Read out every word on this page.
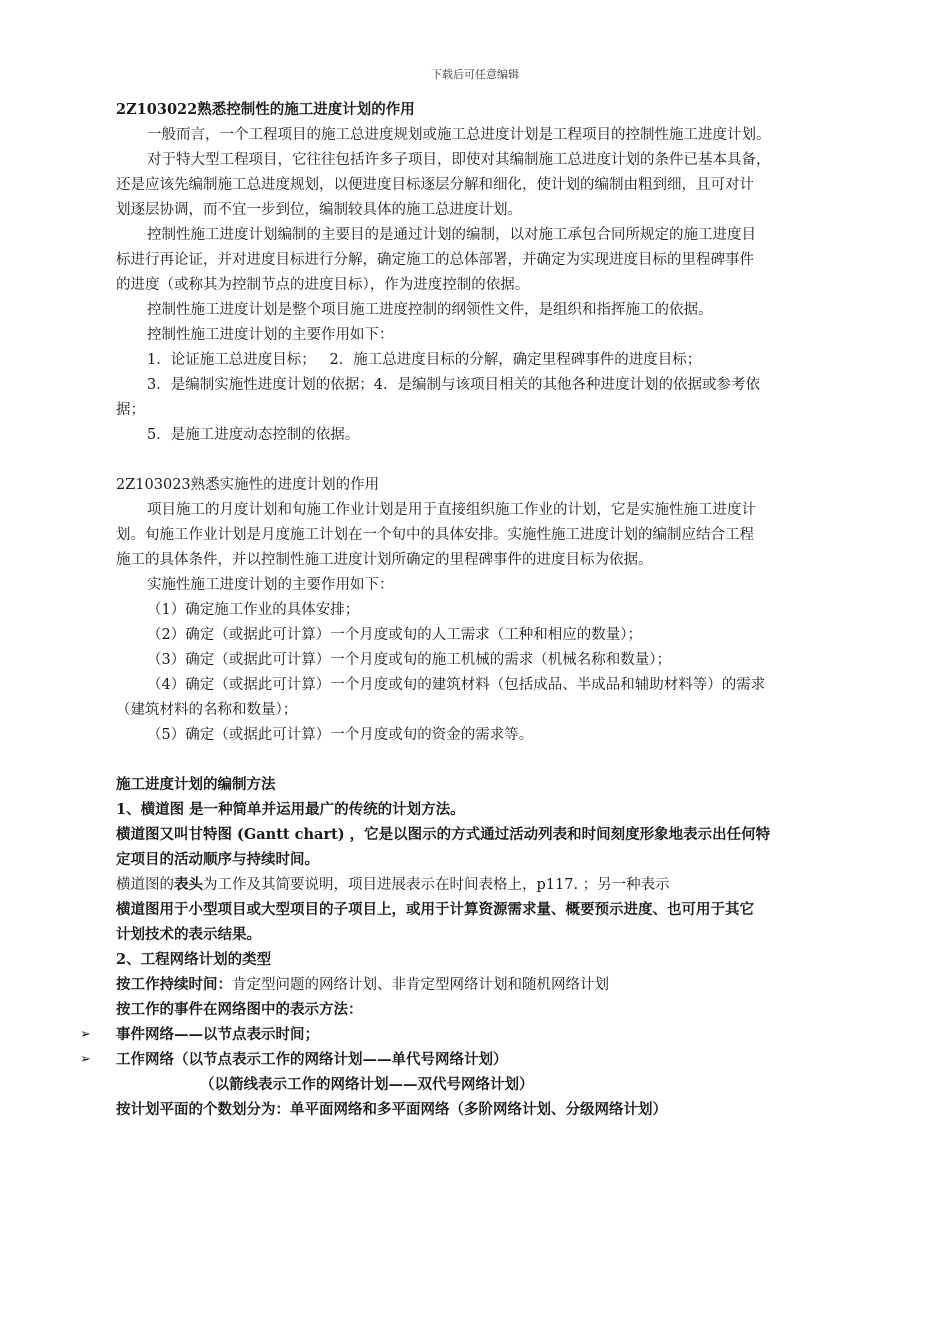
下载后可任意编辑
2Z103022熟悉控制性的施工进度计划的作用
一般而言，一个工程项目的施工总进度规划或施工总进度计划是工程项目的控制性施工进度计划。
对于特大型工程项目，它往往包括许多子项目，即使对其编制施工总进度计划的条件已基本具备，
还是应该先编制施工总进度规划，以便进度目标逐层分解和细化，使计划的编制由粗到细，且可对计
划逐层协调，而不宜一步到位，编制较具体的施工总进度计划。
控制性施工进度计划编制的主要目的是通过计划的编制，以对施工承包合同所规定的施工进度目
标进行再论证，并对进度目标进行分解，确定施工的总体部署，并确定为实现进度目标的里程碑事件
的进度（或称其为控制节点的进度目标），作为进度控制的依据。
控制性施工进度计划是整个项目施工进度控制的纲领性文件，是组织和指挥施工的依据。
控制性施工进度计划的主要作用如下：
1．论证施工总进度目标；   2．施工总进度目标的分解，确定里程碑事件的进度目标；
3．是编制实施性进度计划的依据；4．是编制与该项目相关的其他各种进度计划的依据或参考依
据；
5．是施工进度动态控制的依据。
2Z103023熟悉实施性的进度计划的作用
项目施工的月度计划和旬施工作业计划是用于直接组织施工作业的计划，它是实施性施工进度计
划。旬施工作业计划是月度施工计划在一个旬中的具体安排。实施性施工进度计划的编制应结合工程
施工的具体条件，并以控制性施工进度计划所确定的里程碑事件的进度目标为依据。
实施性施工进度计划的主要作用如下：
（1）确定施工作业的具体安排；
（2）确定（或据此可计算）一个月度或旬的人工需求（工种和相应的数量）；
（3）确定（或据此可计算）一个月度或旬的施工机械的需求（机械名称和数量）；
（4）确定（或据此可计算）一个月度或旬的建筑材料（包括成品、半成品和辅助材料等）的需求
（建筑材料的名称和数量）；
（5）确定（或据此可计算）一个月度或旬的资金的需求等。
施工进度计划的编制方法
1、横道图 是一种简单并运用最广的传统的计划方法。
横道图又叫甘特图 (Gantt chart) ，它是以图示的方式通过活动列表和时间刻度形象地表示出任何特
定项目的活动顺序与持续时间。
横道图的表头为工作及其简要说明，项目进展表示在时间表格上，p117. ；另一种表示
横道图用于小型项目或大型项目的子项目上，或用于计算资源需求量、概要预示进度、也可用于其它
计划技术的表示结果。
2、工程网络计划的类型
按工作持续时间：肯定型问题的网络计划、非肯定型网络计划和随机网络计划
按工作的事件在网络图中的表示方法：
➢ 事件网络——以节点表示时间；
➢ 工作网络（以节点表示工作的网络计划——单代号网络计划）
（以箭线表示工作的网络计划——双代号网络计划）
按计划平面的个数划分为：单平面网络和多平面网络（多阶网络计划、分级网络计划）
